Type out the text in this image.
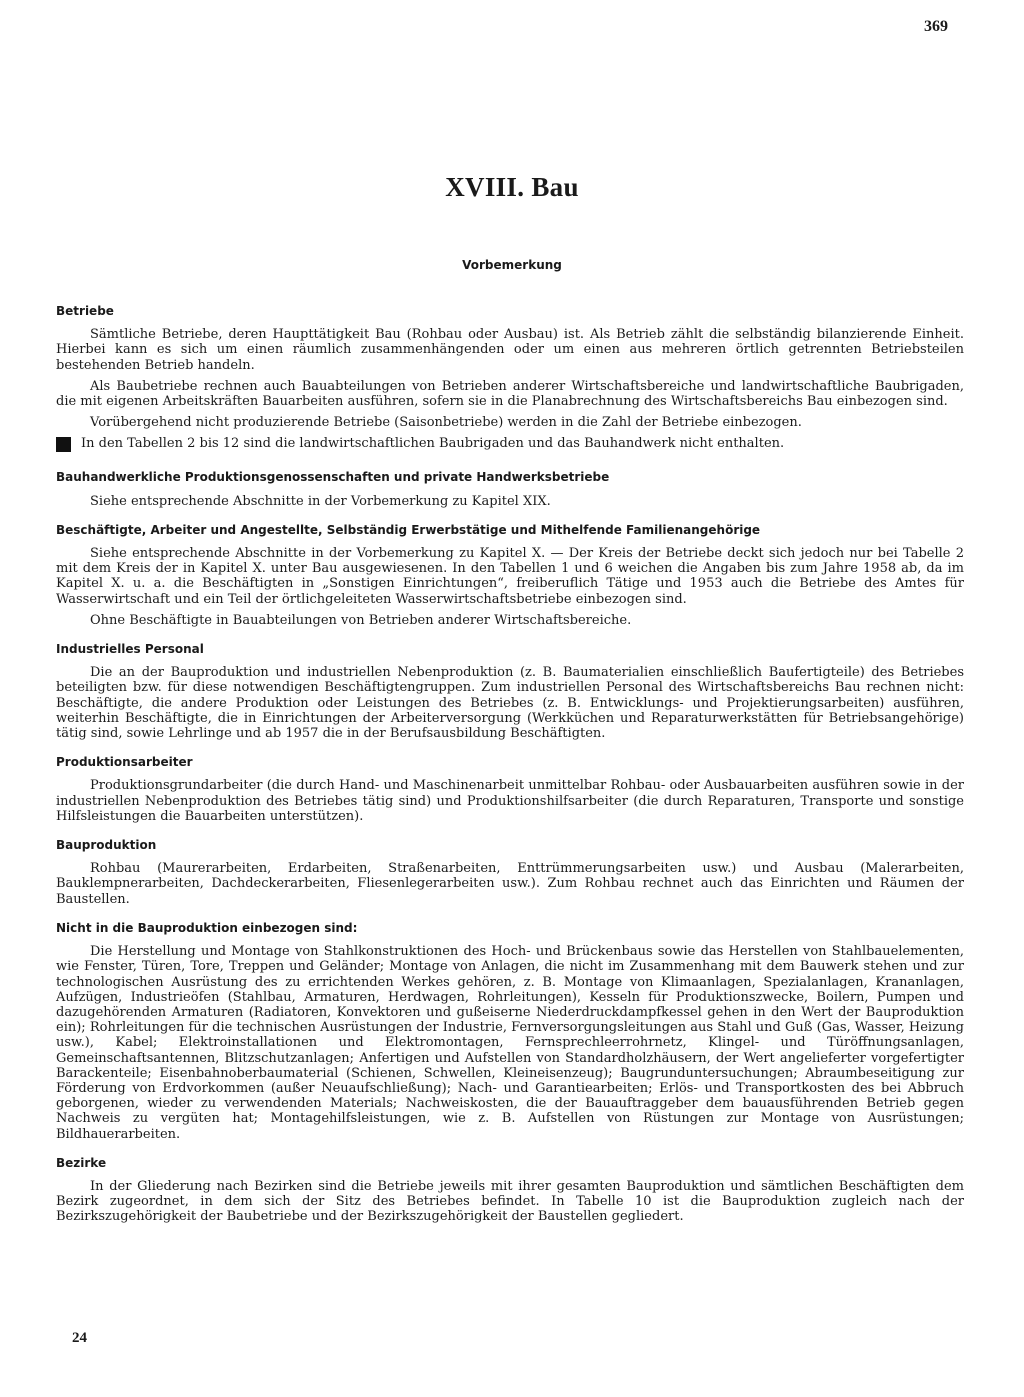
369
XVIII. Bau
Vorbemerkung
Betriebe

Sämtliche Betriebe, deren Haupttätigkeit Bau (Rohbau oder Ausbau) ist. Als Betrieb zählt die selbständig bilanzierende Einheit. Hierbei kann es sich um einen räumlich zusammenhängenden oder um einen aus mehreren örtlich getrennten Betriebsteilen bestehenden Betrieb handeln.

Als Baubetriebe rechnen auch Bauabteilungen von Betrieben anderer Wirtschaftsbereiche und landwirtschaftliche Baubrigaden, die mit eigenen Arbeitskräften Bauarbeiten ausführen, sofern sie in die Planabrechnung des Wirtschaftsbereichs Bau einbezogen sind.

Vorübergehend nicht produzierende Betriebe (Saisonbetriebe) werden in die Zahl der Betriebe einbezogen.

In den Tabellen 2 bis 12 sind die landwirtschaftlichen Baubrigaden und das Bauhandwerk nicht enthalten.
Bauhandwerkliche Produktionsgenossenschaften und private Handwerksbetriebe

Siehe entsprechende Abschnitte in der Vorbemerkung zu Kapitel XIX.

Beschäftigte, Arbeiter und Angestellte, Selbständig Erwerbstätige und Mithelfende Familienangehörige

Siehe entsprechende Abschnitte in der Vorbemerkung zu Kapitel X. — Der Kreis der Betriebe deckt sich jedoch nur bei Tabelle 2 mit dem Kreis der in Kapitel X. unter Bau ausgewiesenen. In den Tabellen 1 und 6 weichen die Angaben bis zum Jahre 1958 ab, da im Kapitel X. u. a. die Beschäftigten in „Sonstigen Einrichtungen“, freiberuflich Tätige und 1953 auch die Betriebe des Amtes für Wasserwirtschaft und ein Teil der örtlichgeleiteten Wasserwirtschaftsbetriebe einbezogen sind.

Ohne Beschäftigte in Bauabteilungen von Betrieben anderer Wirtschaftsbereiche.

Industrielles Personal

Die an der Bauproduktion und industriellen Nebenproduktion (z. B. Baumaterialien einschließlich Baufertigteile) des Betriebes beteiligten bzw. für diese notwendigen Beschäftigtengruppen. Zum industriellen Personal des Wirtschaftsbereichs Bau rechnen nicht: Beschäftigte, die andere Produktion oder Leistungen des Betriebes (z. B. Entwicklungs- und Projektierungsarbeiten) ausführen, weiterhin Beschäftigte, die in Einrichtungen der Arbeiterversorgung (Werkküchen und Reparaturwerkstätten für Betriebsangehörige) tätig sind, sowie Lehrlinge und ab 1957 die in der Berufsausbildung Beschäftigten.

Produktionsarbeiter

Produktionsgrundarbeiter (die durch Hand- und Maschinenarbeit unmittelbar Rohbau- oder Ausbauarbeiten ausführen sowie in der industriellen Nebenproduktion des Betriebes tätig sind) und Produktionshilfsarbeiter (die durch Reparaturen, Transporte und sonstige Hilfsleistungen die Bauarbeiten unterstützen).

Bauproduktion

Rohbau (Maurerarbeiten, Erdarbeiten, Straßenarbeiten, Enttrümmerungsarbeiten usw.) und Ausbau (Malerarbeiten, Bauklempnerarbeiten, Dachdeckerarbeiten, Fliesenlegerarbeiten usw.). Zum Rohbau rechnet auch das Einrichten und Räumen der Baustellen.

Nicht in die Bauproduktion einbezogen sind:

Die Herstellung und Montage von Stahlkonstruktionen des Hoch- und Brückenbaus sowie das Herstellen von Stahlbauelementen, wie Fenster, Türen, Tore, Treppen und Geländer; Montage von Anlagen, die nicht im Zusammenhang mit dem Bauwerk stehen und zur technologischen Ausrüstung des zu errichtenden Werkes gehören, z. B. Montage von Klimaanlagen, Spezialanlagen, Krananlagen, Aufzügen, Industrieöfen (Stahlbau, Armaturen, Herdwagen, Rohrleitungen), Kesseln für Produktionszwecke, Boilern, Pumpen und dazugehörenden Armaturen (Radiatoren, Konvektoren und gußeiserne Niederdruckdampfkessel gehen in den Wert der Bauproduktion ein); Rohrleitungen für die technischen Ausrüstungen der Industrie, Fernversorgungsleitungen aus Stahl und Guß (Gas, Wasser, Heizung usw.), Kabel; Elektroinstallationen und Elektromontagen, Fernsprechleerrohrnetz, Klingel- und Türöffnungsanlagen, Gemeinschaftsantennen, Blitzschutzanlagen; Anfertigen und Aufstellen von Standardholzhäusern, der Wert angelieferter vorgefertigter Barackenteile; Eisenbahnoberbaumaterial (Schienen, Schwellen, Kleineisenzeug); Baugrunduntersuchungen; Abraumbeseitigung zur Förderung von Erdvorkommen (außer Neuaufschließung); Nach- und Garantiearbeiten; Erlös- und Transportkosten des bei Abbruch geborgenen, wieder zu verwendenden Materials; Nachweiskosten, die der Bauauftraggeber dem bauausführenden Betrieb gegen Nachweis zu vergüten hat; Montagehilfsleistungen, wie z. B. Aufstellen von Rüstungen zur Montage von Ausrüstungen; Bildhauerarbeiten.

Bezirke

In der Gliederung nach Bezirken sind die Betriebe jeweils mit ihrer gesamten Bauproduktion und sämtlichen Beschäftigten dem Bezirk zugeordnet, in dem sich der Sitz des Betriebes befindet. In Tabelle 10 ist die Bauproduktion zugleich nach der Bezirkszugehörigkeit der Baubetriebe und der Bezirkszugehörigkeit der Baustellen gegliedert.

24
